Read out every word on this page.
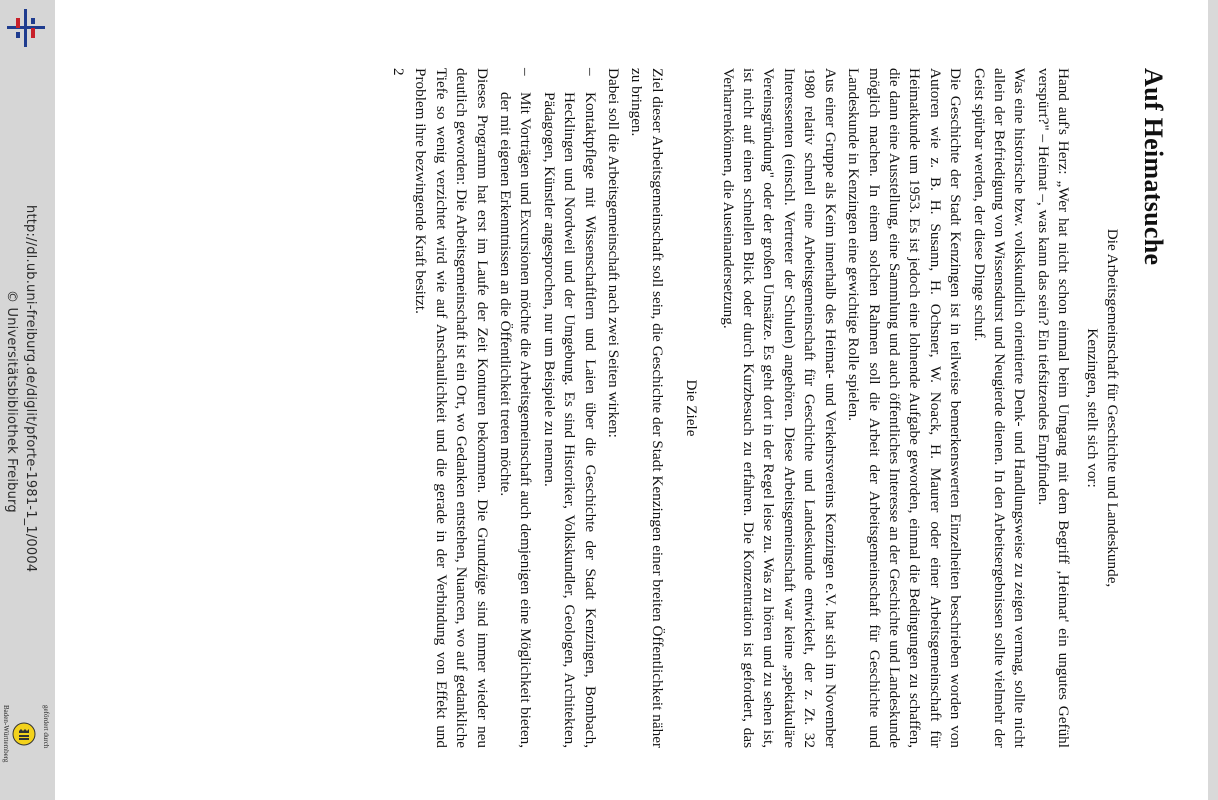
http://dl.ub.uni-freiburg.de/diglit/pforte-1981-1_1/0004
© Universitätsbibliothek Freiburg
gefördert durch
Baden-Württemberg
Auf Heimatsuche
Die Arbeitsgemeinschaft für Geschichte und Landeskunde,
Kenzingen, stellt sich vor:

Hand auf's Herz: „Wer hat nicht schon einmal beim Umgang mit dem Begriff ‚Heimat' ein ungutes Gefühl verspürt?" – Heimat –, was kann das sein? Ein tiefsitzendes Empfinden.

Was eine historische bzw. volkskundlich orientierte Denk- und Handlungsweise zu zeigen vermag, sollte nicht allein der Befriedigung von Wissensdurst und Neugierde dienen. In den Arbeitsergebnissen sollte vielmehr der Geist spürbar werden, der diese Dinge schuf.

Die Geschichte der Stadt Kenzingen ist in teilweise bemerkenswerten Einzelheiten beschrieben worden von Autoren wie z. B. H. Susann, H. Ochsner, W. Noack, H. Maurer oder einer Arbeitsgemeinschaft für Heimatkunde um 1953. Es ist jedoch eine lohnende Aufgabe geworden, einmal die Bedingungen zu schaffen, die dann eine Ausstellung, eine Sammlung und auch öffentliches Interesse an der Geschichte und Landeskunde möglich machen. In einem solchen Rahmen soll die Arbeit der Arbeitsgemeinschaft für Geschichte und Landeskunde in Kenzingen eine gewichtige Rolle spielen.

Aus einer Gruppe als Keim innerhalb des Heimat- und Verkehrsvereins Kenzingen e.V. hat sich im November 1980 relativ schnell eine Arbeitsgemeinschaft für Geschichte und Landeskunde entwickelt, der z. Zt. 32 Interessenten (einschl. Vertreter der Schulen) angehören. Diese Arbeitsgemeinschaft war keine „spektakuläre Vereinsgründung" oder der großen Umsätze. Es geht dort in der Regel leise zu. Was zu hören und zu sehen ist, ist nicht auf einen schnellen Blick oder durch Kurzbesuch zu erfahren. Die Konzentration ist gefordert, das Verharrenkönnen, die Auseinandersetzung.

Die Ziele

Ziel dieser Arbeitsgemeinschaft soll sein, die Geschichte der Stadt Kenzingen einer breiten Öffentlichkeit näher zu bringen.

Dabei soll die Arbeitsgemeinschaft nach zwei Seiten wirken:

–
Kontaktpflege mit Wissenschaftlern und Laien über die Geschichte der Stadt Kenzingen, Bombach, Hecklingen und Nordweil und der Umgebung. Es sind Historiker, Volkskundler, Geologen, Architekten, Pädagogen, Künstler angesprochen, nur um Beispiele zu nennen.
–
Mit Vorträgen und Excursionen möchte die Arbeitsgemeinschaft auch demjenigen eine Möglichkeit bieten, der mit eigenen Erkenntnissen an die Öffentlichkeit treten möchte.

Dieses Programm hat erst im Laufe der Zeit Konturen bekommen. Die Grundzüge sind immer wieder neu deutlich geworden: Die Arbeitsgemeinschaft ist ein Ort, wo Gedanken entstehen, Nuancen, wo auf gedankliche Tiefe so wenig verzichtet wird wie auf Anschaulichkeit und die gerade in der Verbindung von Effekt und Problem ihre bezwingende Kraft besitzt.

2
